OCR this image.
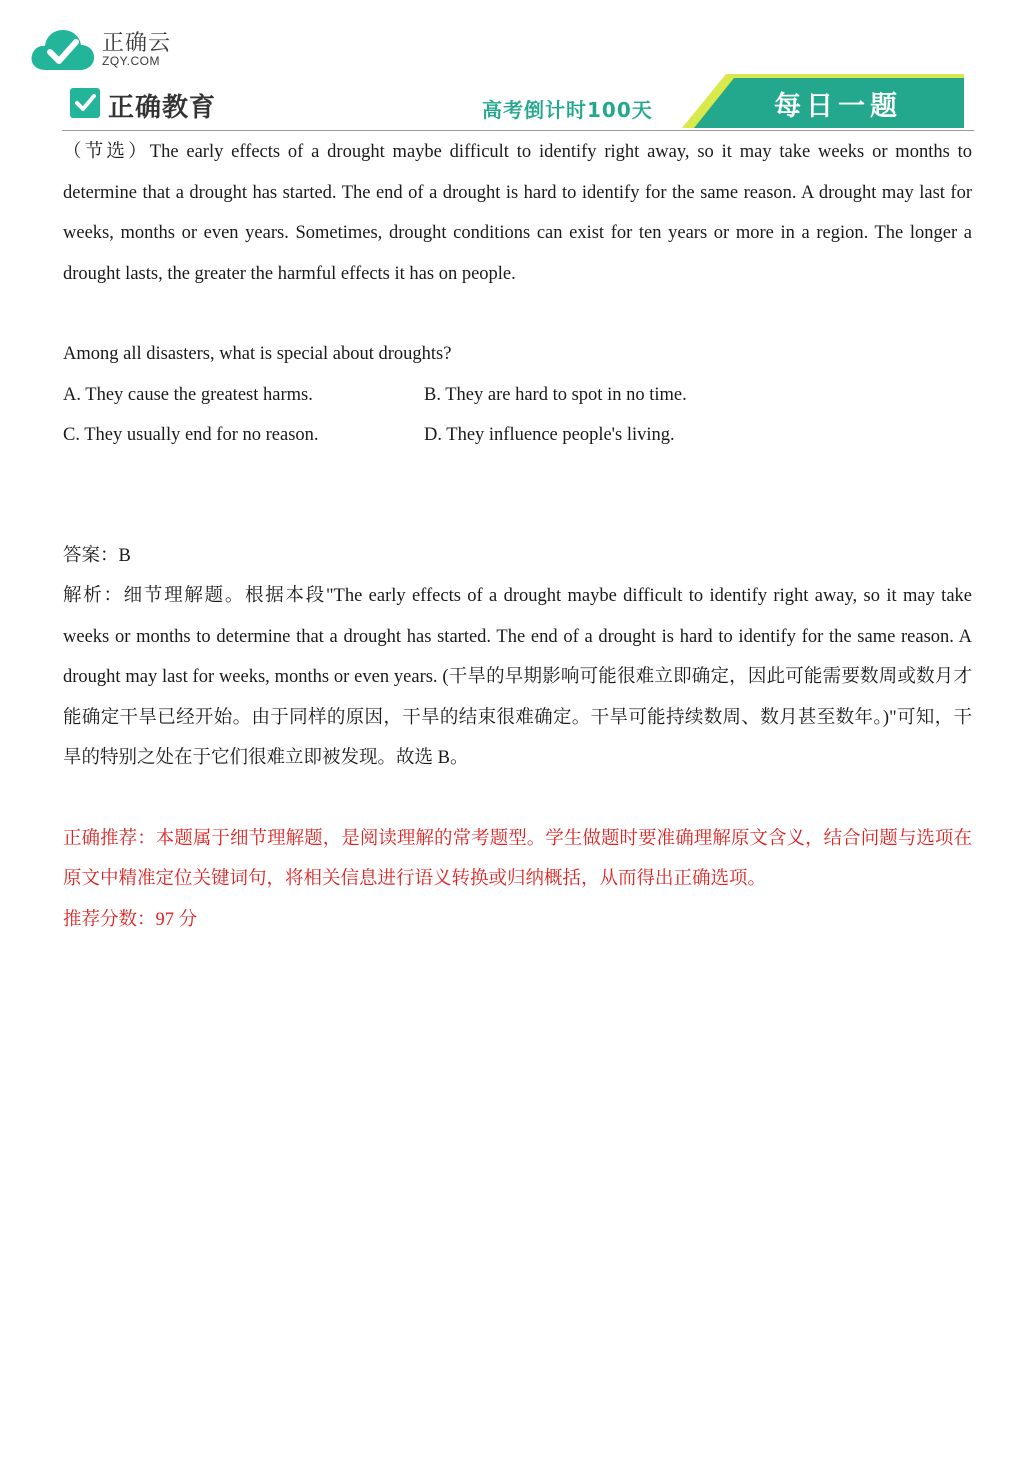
正确云
ZQY.COM
正确教育	高考倒计时100天	每日一题

（节选）The early effects of a drought maybe difficult to identify right away, so it may take weeks or months to determine that a drought has started. The end of a drought is hard to identify for the same reason. A drought may last for weeks, months or even years. Sometimes, drought conditions can exist for ten years or more in a region. The longer a drought lasts, the greater the harmful effects it has on people.

Among all disasters, what is special about droughts?
A. They cause the greatest harms.	B. They are hard to spot in no time.
C. They usually end for no reason.	D. They influence people's living.
答案：B

解析：细节理解题。根据本段"The early effects of a drought maybe difficult to identify right away, so it may take weeks or months to determine that a drought has started. The end of a drought is hard to identify for the same reason. A drought may last for weeks, months or even years. (干旱的早期影响可能很难立即确定，因此可能需要数周或数月才能确定干旱已经开始。由于同样的原因，干旱的结束很难确定。干旱可能持续数周、数月甚至数年。)"可知，干旱的特别之处在于它们很难立即被发现。故选 B。

正确推荐：本题属于细节理解题，是阅读理解的常考题型。学生做题时要准确理解原文含义，结合问题与选项在原文中精准定位关键词句，将相关信息进行语义转换或归纳概括，从而得出正确选项。

推荐分数：97 分
